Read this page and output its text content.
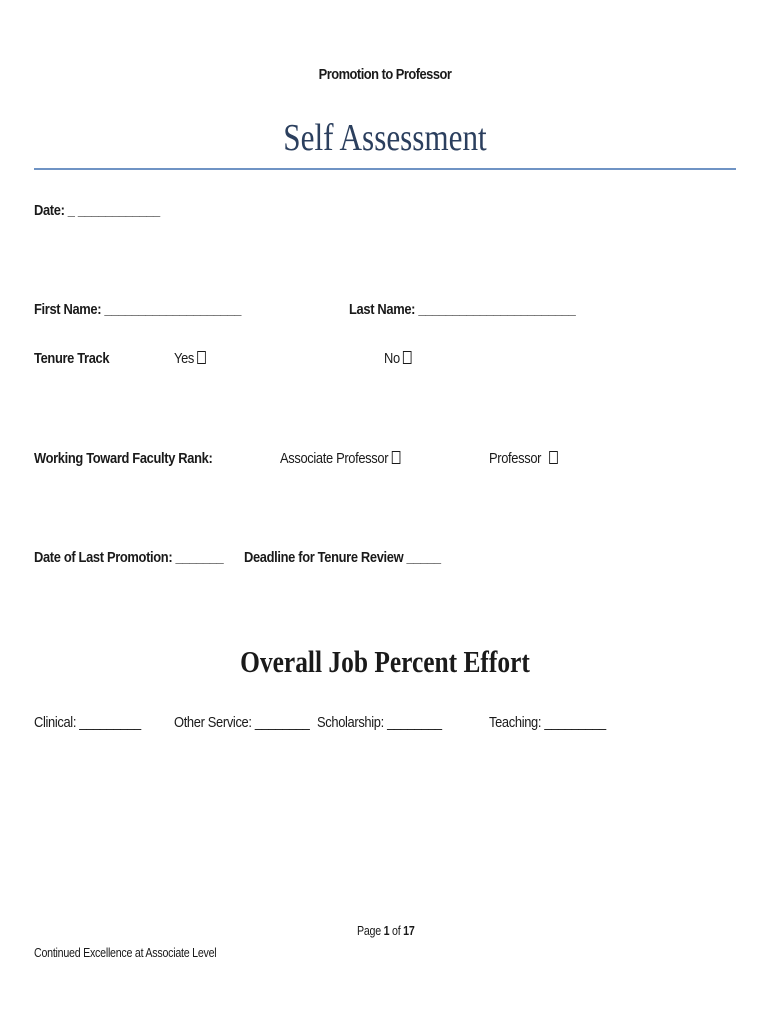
Promotion to Professor
Self Assessment
Date: _ ____________
First Name: ____________________	Last Name: _______________________
Tenure Track	Yes	No
Working Toward Faculty Rank:	Associate Professor	Professor
Date of Last Promotion: _______ Deadline for Tenure Review _____
Overall Job Percent Effort
Clinical: _________ Other Service: ________ Scholarship: ________	Teaching: _________
Page 1 of 17
Continued Excellence at Associate Level
